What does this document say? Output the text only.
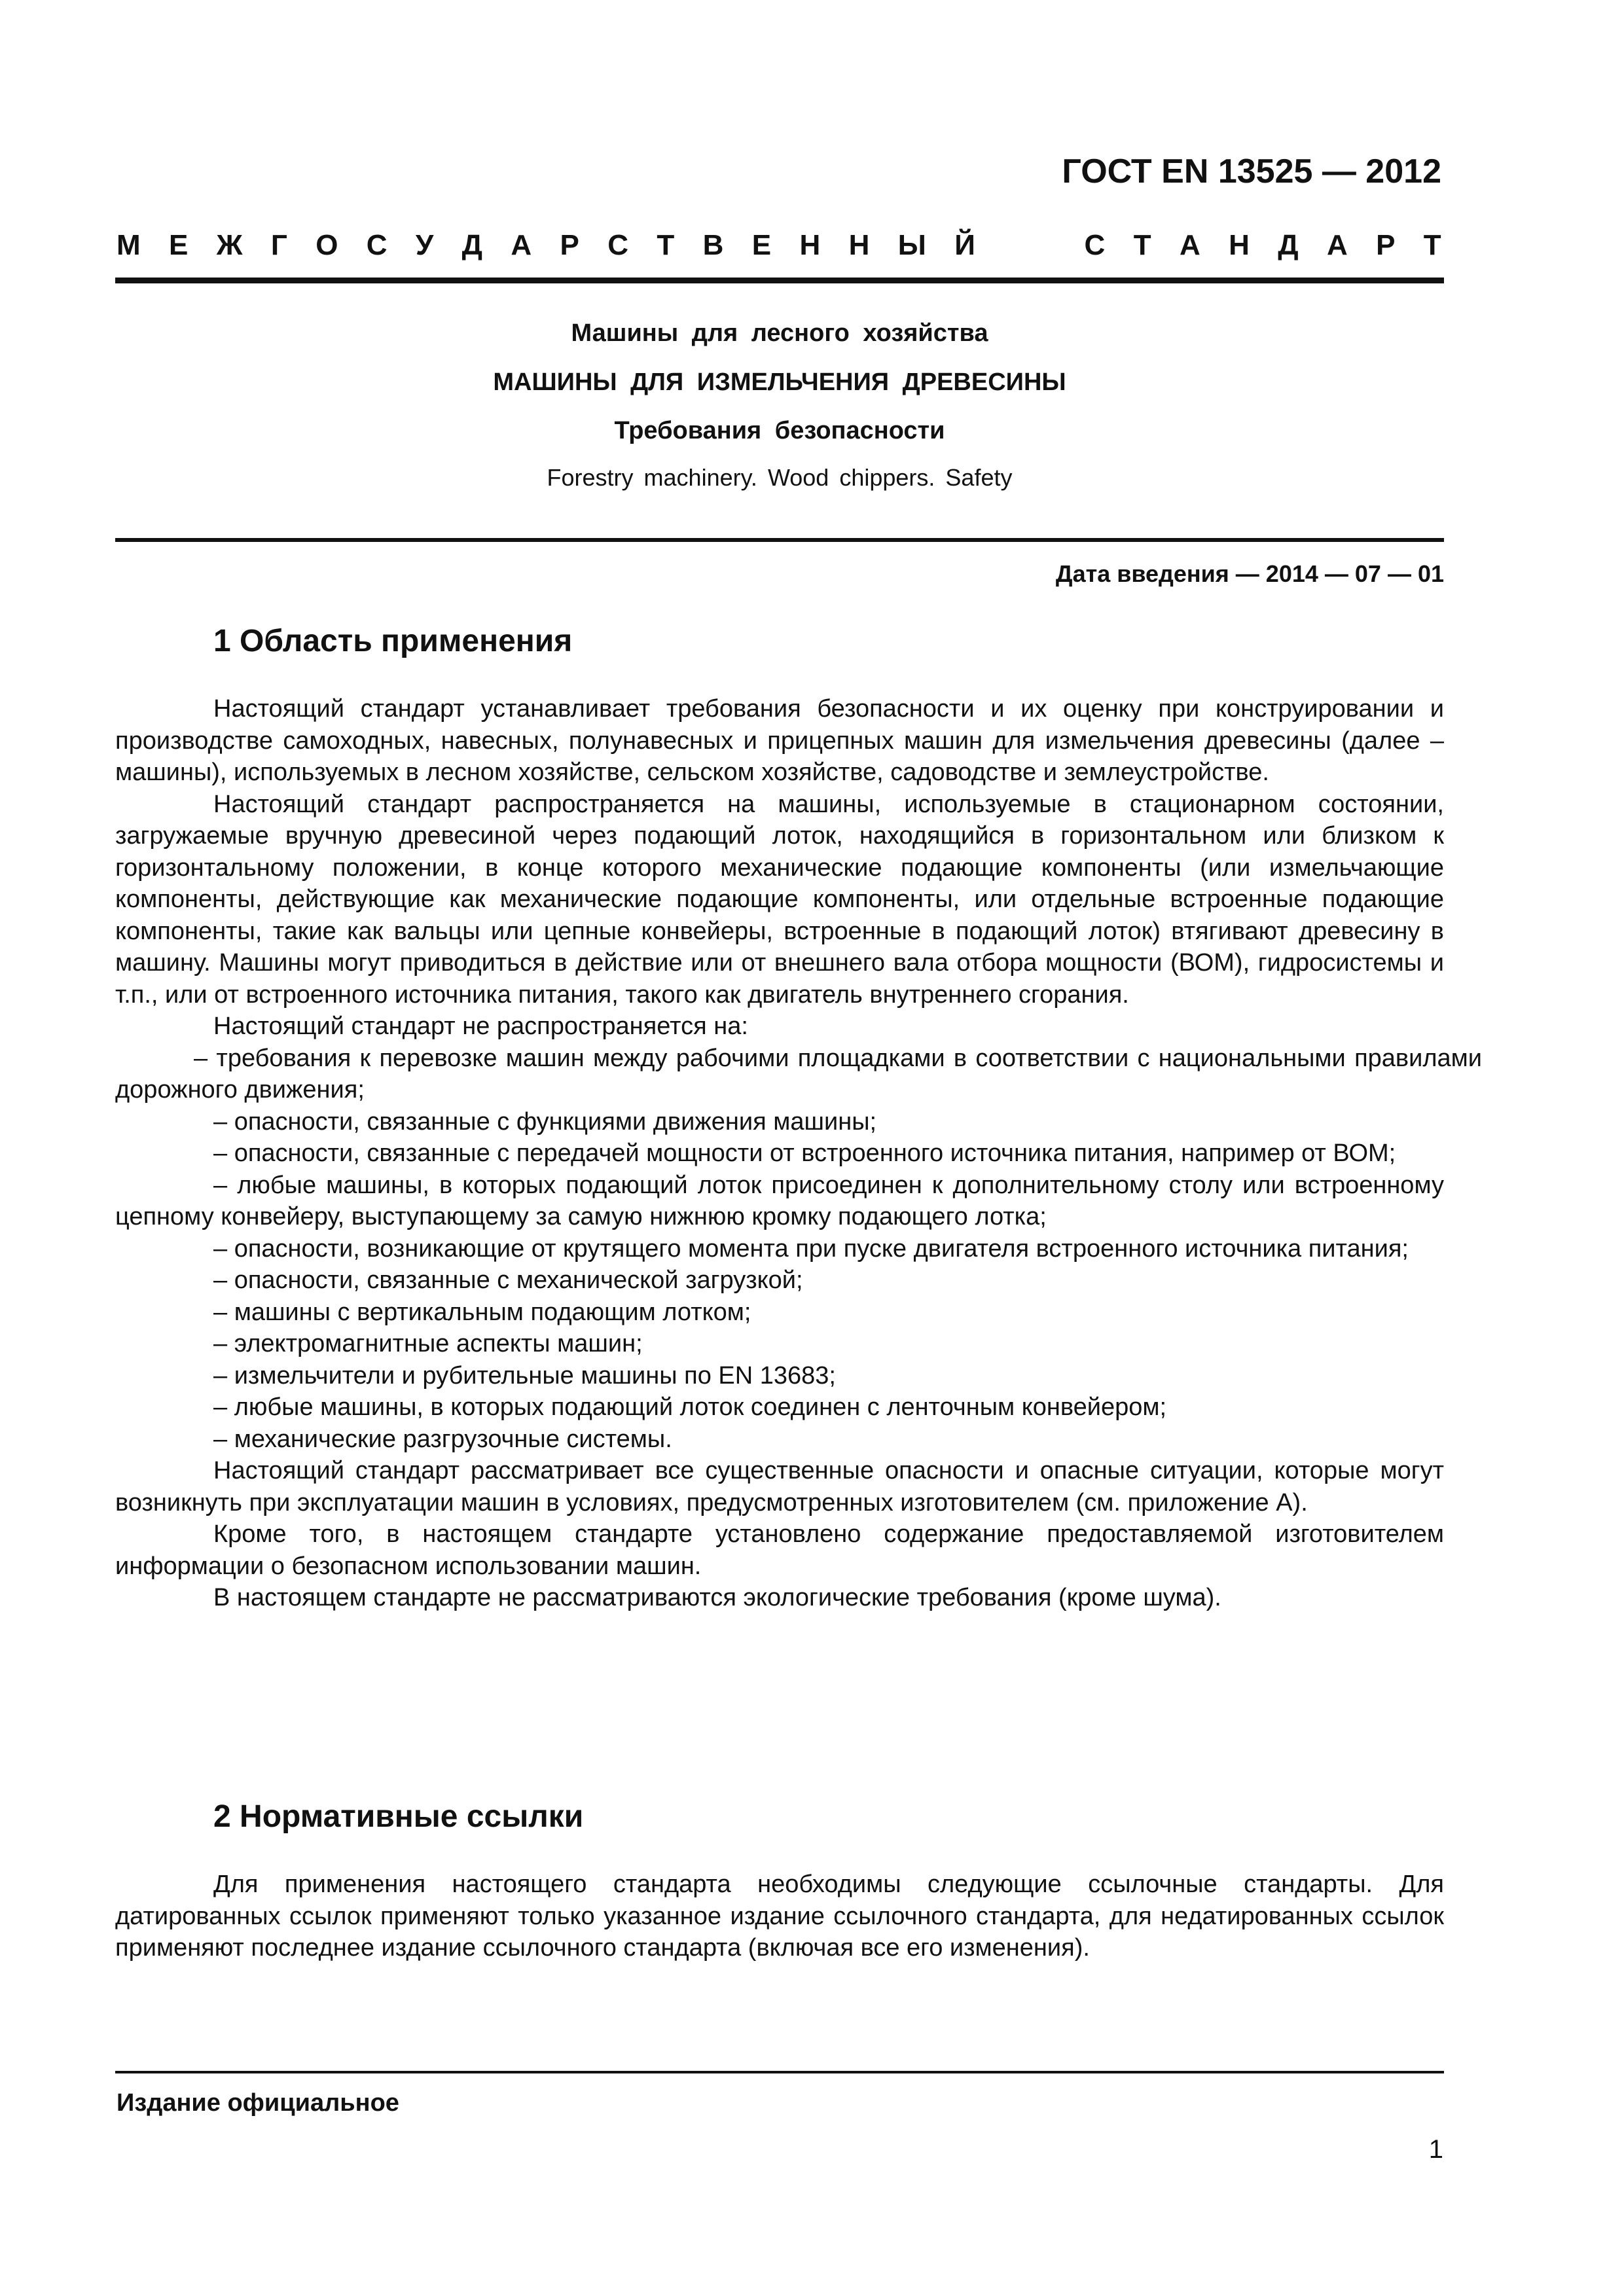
ГОСТ EN 13525 — 2012
М Е Ж Г О С У Д А Р С Т В Е Н Н Ы Й	С Т А Н Д А Р Т
Машины для лесного хозяйства
МАШИНЫ ДЛЯ ИЗМЕЛЬЧЕНИЯ ДРЕВЕСИНЫ
Требования безопасности
Forestry machinery. Wood chippers. Safety
Дата введения — 2014 — 07 — 01
1 Область применения

Настоящий стандарт устанавливает требования безопасности и их оценку при конструировании и производстве самоходных, навесных, полунавесных и прицепных машин для измельчения древесины (далее – машины), используемых в лесном хозяйстве, сельском хозяйстве, садоводстве и землеустройстве.

Настоящий стандарт распространяется на машины, используемые в стационарном состоянии, загружаемые вручную древесиной через подающий лоток, находящийся в горизонтальном или близком к горизонтальному положении, в конце которого механические подающие компоненты (или измельчающие компоненты, действующие как механические подающие компоненты, или отдельные встроенные подающие компоненты, такие как вальцы или цепные конвейеры, встроенные в подающий лоток) втягивают древесину в машину. Машины могут приводиться в действие или от внешнего вала отбора мощности (ВОМ), гидросистемы и т.п., или от встроенного источника питания, такого как двигатель внутреннего сгорания.

Настоящий стандарт не распространяется на:

– требования к перевозке машин между рабочими площадками в соответствии с национальными правилами дорожного движения;

– опасности, связанные с функциями движения машины;

– опасности, связанные с передачей мощности от встроенного источника питания, например от ВОМ;

– любые машины, в которых подающий лоток присоединен к дополнительному столу или встроенному цепному конвейеру, выступающему за самую нижнюю кромку подающего лотка;

– опасности, возникающие от крутящего момента при пуске двигателя встроенного источника питания;

– опасности, связанные с механической загрузкой;

– машины с вертикальным подающим лотком;

– электромагнитные аспекты машин;

– измельчители и рубительные машины по EN 13683;

– любые машины, в которых подающий лоток соединен с ленточным конвейером;

– механические разгрузочные системы.

Настоящий стандарт рассматривает все существенные опасности и опасные ситуации, которые могут возникнуть при эксплуатации машин в условиях, предусмотренных изготовителем (см. приложение А).

Кроме того, в настоящем стандарте установлено содержание предоставляемой изготовителем информации о безопасном использовании машин.

В настоящем стандарте не рассматриваются экологические требования (кроме шума).

2 Нормативные ссылки

Для применения настоящего стандарта необходимы следующие ссылочные стандарты. Для датированных ссылок применяют только указанное издание ссылочного стандарта, для недатированных ссылок применяют последнее издание ссылочного стандарта (включая все его изменения).

Издание официальное
1
